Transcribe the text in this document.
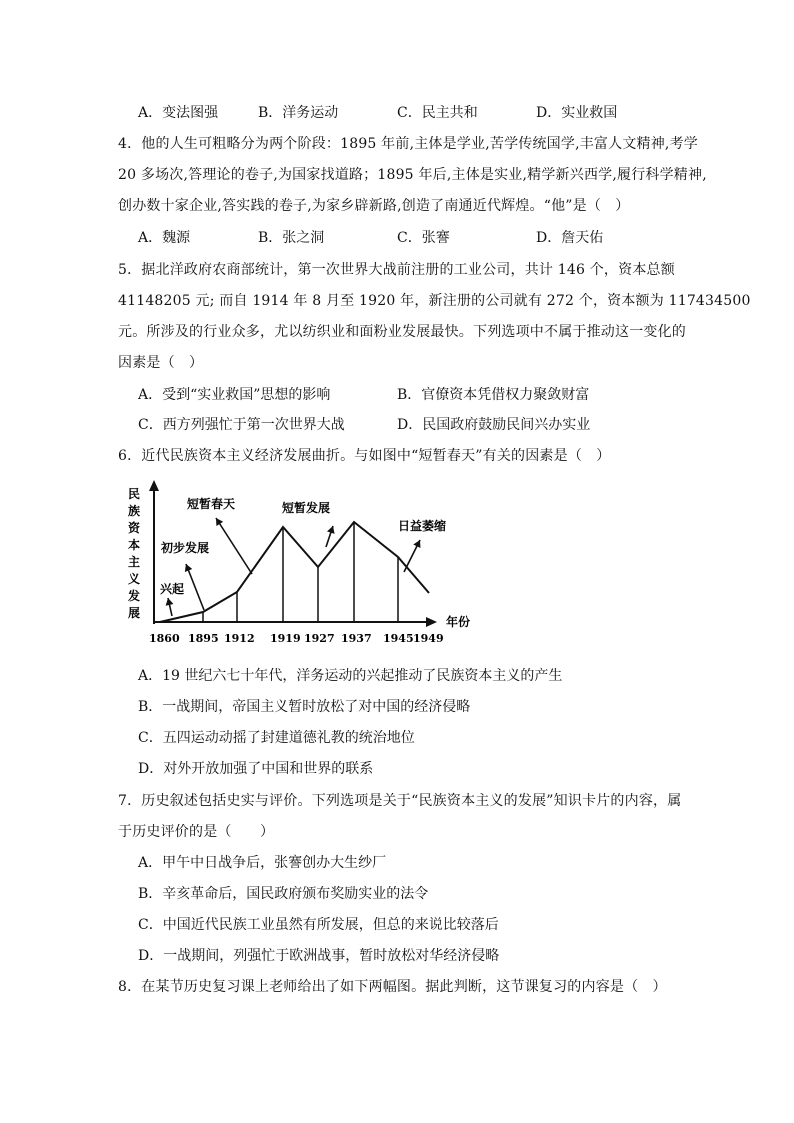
A．变法图强	B．洋务运动	C．民主共和	D．实业救国
4．他的人生可粗略分为两个阶段：1895 年前,主体是学业,苦学传统国学,丰富人文精神,考学
20 多场次,答理论的卷子,为国家找道路；1895 年后,主体是实业,精学新兴西学,履行科学精神,
创办数十家企业,答实践的卷子,为家乡辟新路,创造了南通近代辉煌。“他”是（　）
A．魏源	B．张之洞	C．张謇	D．詹天佑
5．据北洋政府农商部统计，第一次世界大战前注册的工业公司，共计 146 个，资本总额
41148205 元; 而自 1914 年 8 月至 1920 年，新注册的公司就有 272 个，资本额为 117434500
元。所涉及的行业众多，尤以纺织业和面粉业发展最快。下列选项中不属于推动这一变化的
因素是（　）
A．受到“实业救国”思想的影响	B．官僚资本凭借权力聚敛财富
C．西方列强忙于第一次世界大战	D．民国政府鼓励民间兴办实业
6．近代民族资本主义经济发展曲折。与如图中“短暂春天”有关的因素是（　）
民
族
资
本
主
义
发
展
年份
1860 1895 1912 1919 1927 1937 1945 1949
兴起
初步发展
短暂春天	短暂发展
日益萎缩
A．19 世纪六七十年代，洋务运动的兴起推动了民族资本主义的产生
B．一战期间，帝国主义暂时放松了对中国的经济侵略
C．五四运动动摇了封建道德礼教的统治地位
D．对外开放加强了中国和世界的联系
7．历史叙述包括史实与评价。下列选项是关于“民族资本主义的发展”知识卡片的内容，属
于历史评价的是（　　）
A．甲午中日战争后，张謇创办大生纱厂
B．辛亥革命后，国民政府颁布奖励实业的法令
C．中国近代民族工业虽然有所发展，但总的来说比较落后
D．一战期间，列强忙于欧洲战事，暂时放松对华经济侵略
8．在某节历史复习课上老师给出了如下两幅图。据此判断，这节课复习的内容是（　）
